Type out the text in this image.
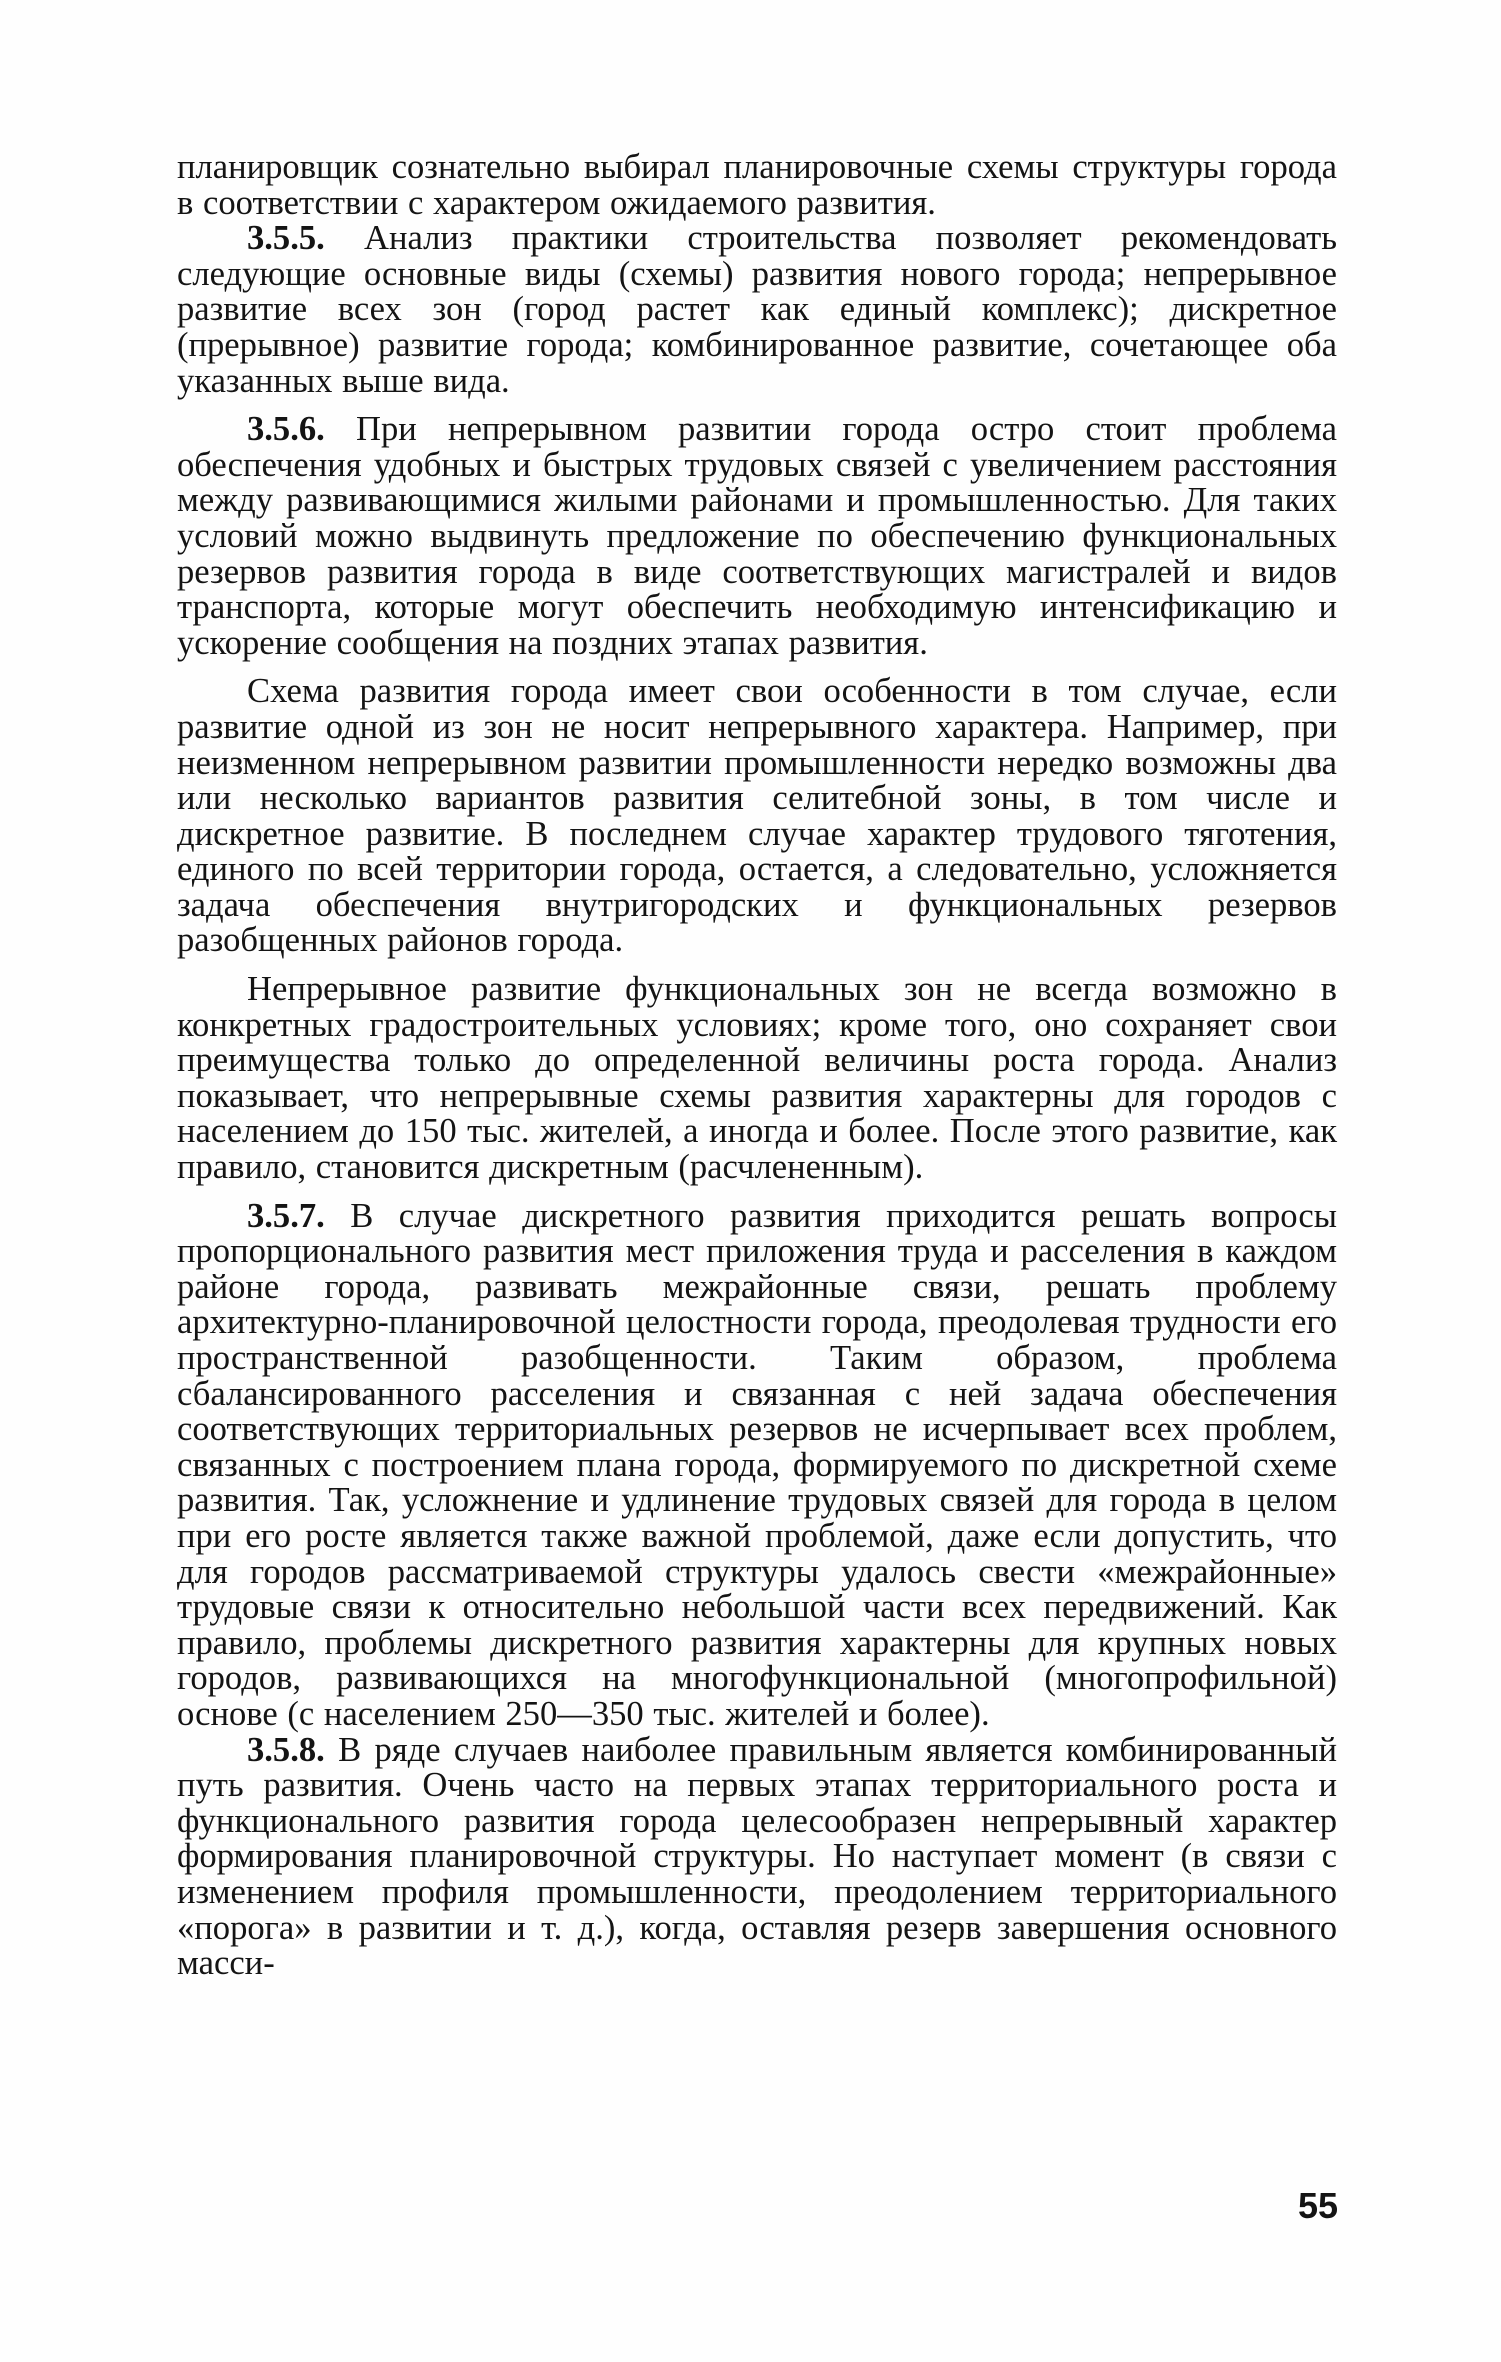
планировщик сознательно выбирал планировочные схемы структуры города в соответствии с характером ожидаемого развития.

3.5.5. Анализ практики строительства позволяет рекомендовать следующие основные виды (схемы) развития нового города; непрерывное развитие всех зон (город растет как единый комплекс); дискретное (прерывное) развитие города; комбинированное развитие, сочетающее оба указанных выше вида.

3.5.6. При непрерывном развитии города остро стоит проблема обеспечения удобных и быстрых трудовых связей с увеличением расстояния между развивающимися жилыми районами и промышленностью. Для таких условий можно выдвинуть предложение по обеспечению функциональных резервов развития города в виде соответствующих магистралей и видов транспорта, которые могут обеспечить необходимую интенсификацию и ускорение сообщения на поздних этапах развития.

Схема развития города имеет свои особенности в том случае, если развитие одной из зон не носит непрерывного характера. Например, при неизменном непрерывном развитии промышленности нередко возможны два или несколько вариантов развития селитебной зоны, в том числе и дискретное развитие. В последнем случае характер трудового тяготения, единого по всей территории города, остается, а следовательно, усложняется задача обеспечения внутригородских и функциональных резервов разобщенных районов города.

Непрерывное развитие функциональных зон не всегда возможно в конкретных градостроительных условиях; кроме того, оно сохраняет свои преимущества только до определенной величины роста города. Анализ показывает, что непрерывные схемы развития характерны для городов с населением до 150 тыс. жителей, а иногда и более. После этого развитие, как правило, становится дискретным (расчлененным).

3.5.7. В случае дискретного развития приходится решать вопросы пропорционального развития мест приложения труда и расселения в каждом районе города, развивать межрайонные связи, решать проблему архитектурно-планировочной целостности города, преодолевая трудности его пространственной разобщенности. Таким образом, проблема сбалансированного расселения и связанная с ней задача обеспечения соответствующих территориальных резервов не исчерпывает всех проблем, связанных с построением плана города, формируемого по дискретной схеме развития. Так, усложнение и удлинение трудовых связей для города в целом при его росте является также важной проблемой, даже если допустить, что для городов рассматриваемой структуры удалось свести «межрайонные» трудовые связи к относительно небольшой части всех передвижений. Как правило, проблемы дискретного развития характерны для крупных новых городов, развивающихся на многофункциональной (многопрофильной) основе (с населением 250—350 тыс. жителей и более).

3.5.8. В ряде случаев наиболее правильным является комбинированный путь развития. Очень часто на первых этапах территориального роста и функционального развития города целесообразен непрерывный характер формирования планировочной структуры. Но наступает момент (в связи с изменением профиля промышленности, преодолением территориального «порога» в развитии и т. д.), когда, оставляя резерв завершения основного масси-

55
